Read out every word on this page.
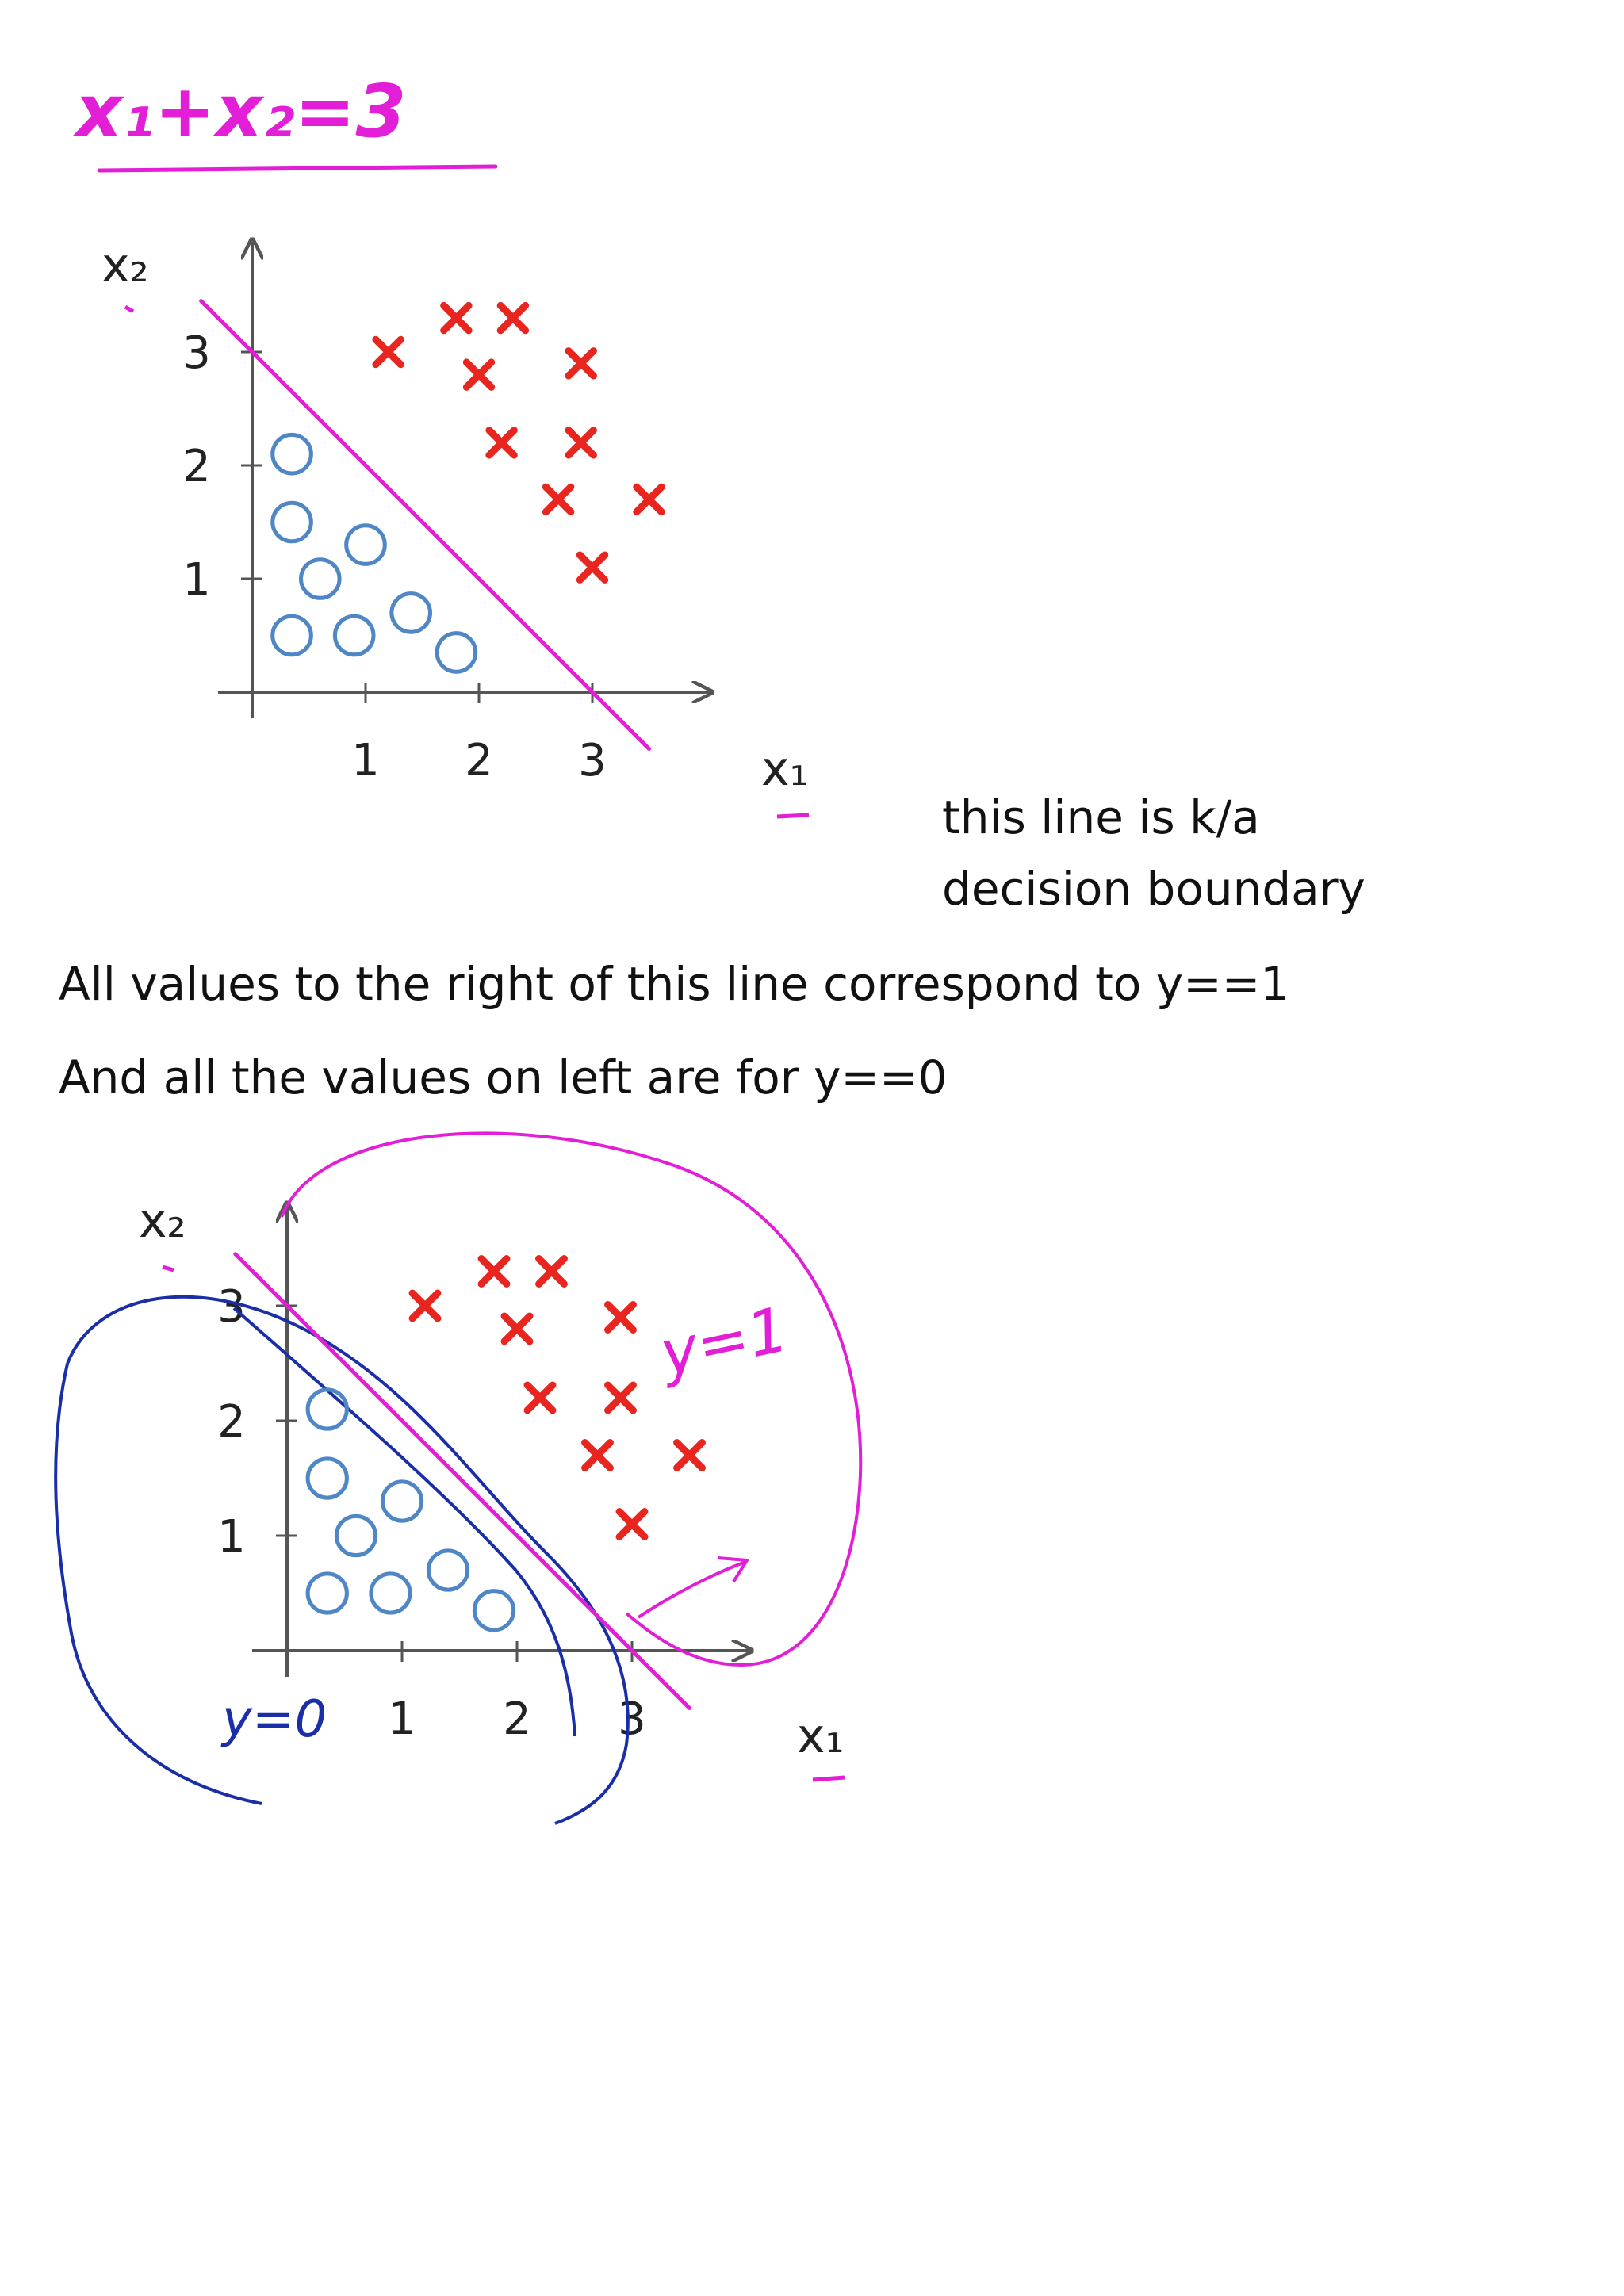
x₁+x₂=3
x₂
x₁
1 2 3
1
2
3

this line is k/a decision boundary

All values to the right of this line correspond to y==1

And all the values on left are for y==0

x₂
x₁
1 2 3
1
2
3	y=1
y=0
